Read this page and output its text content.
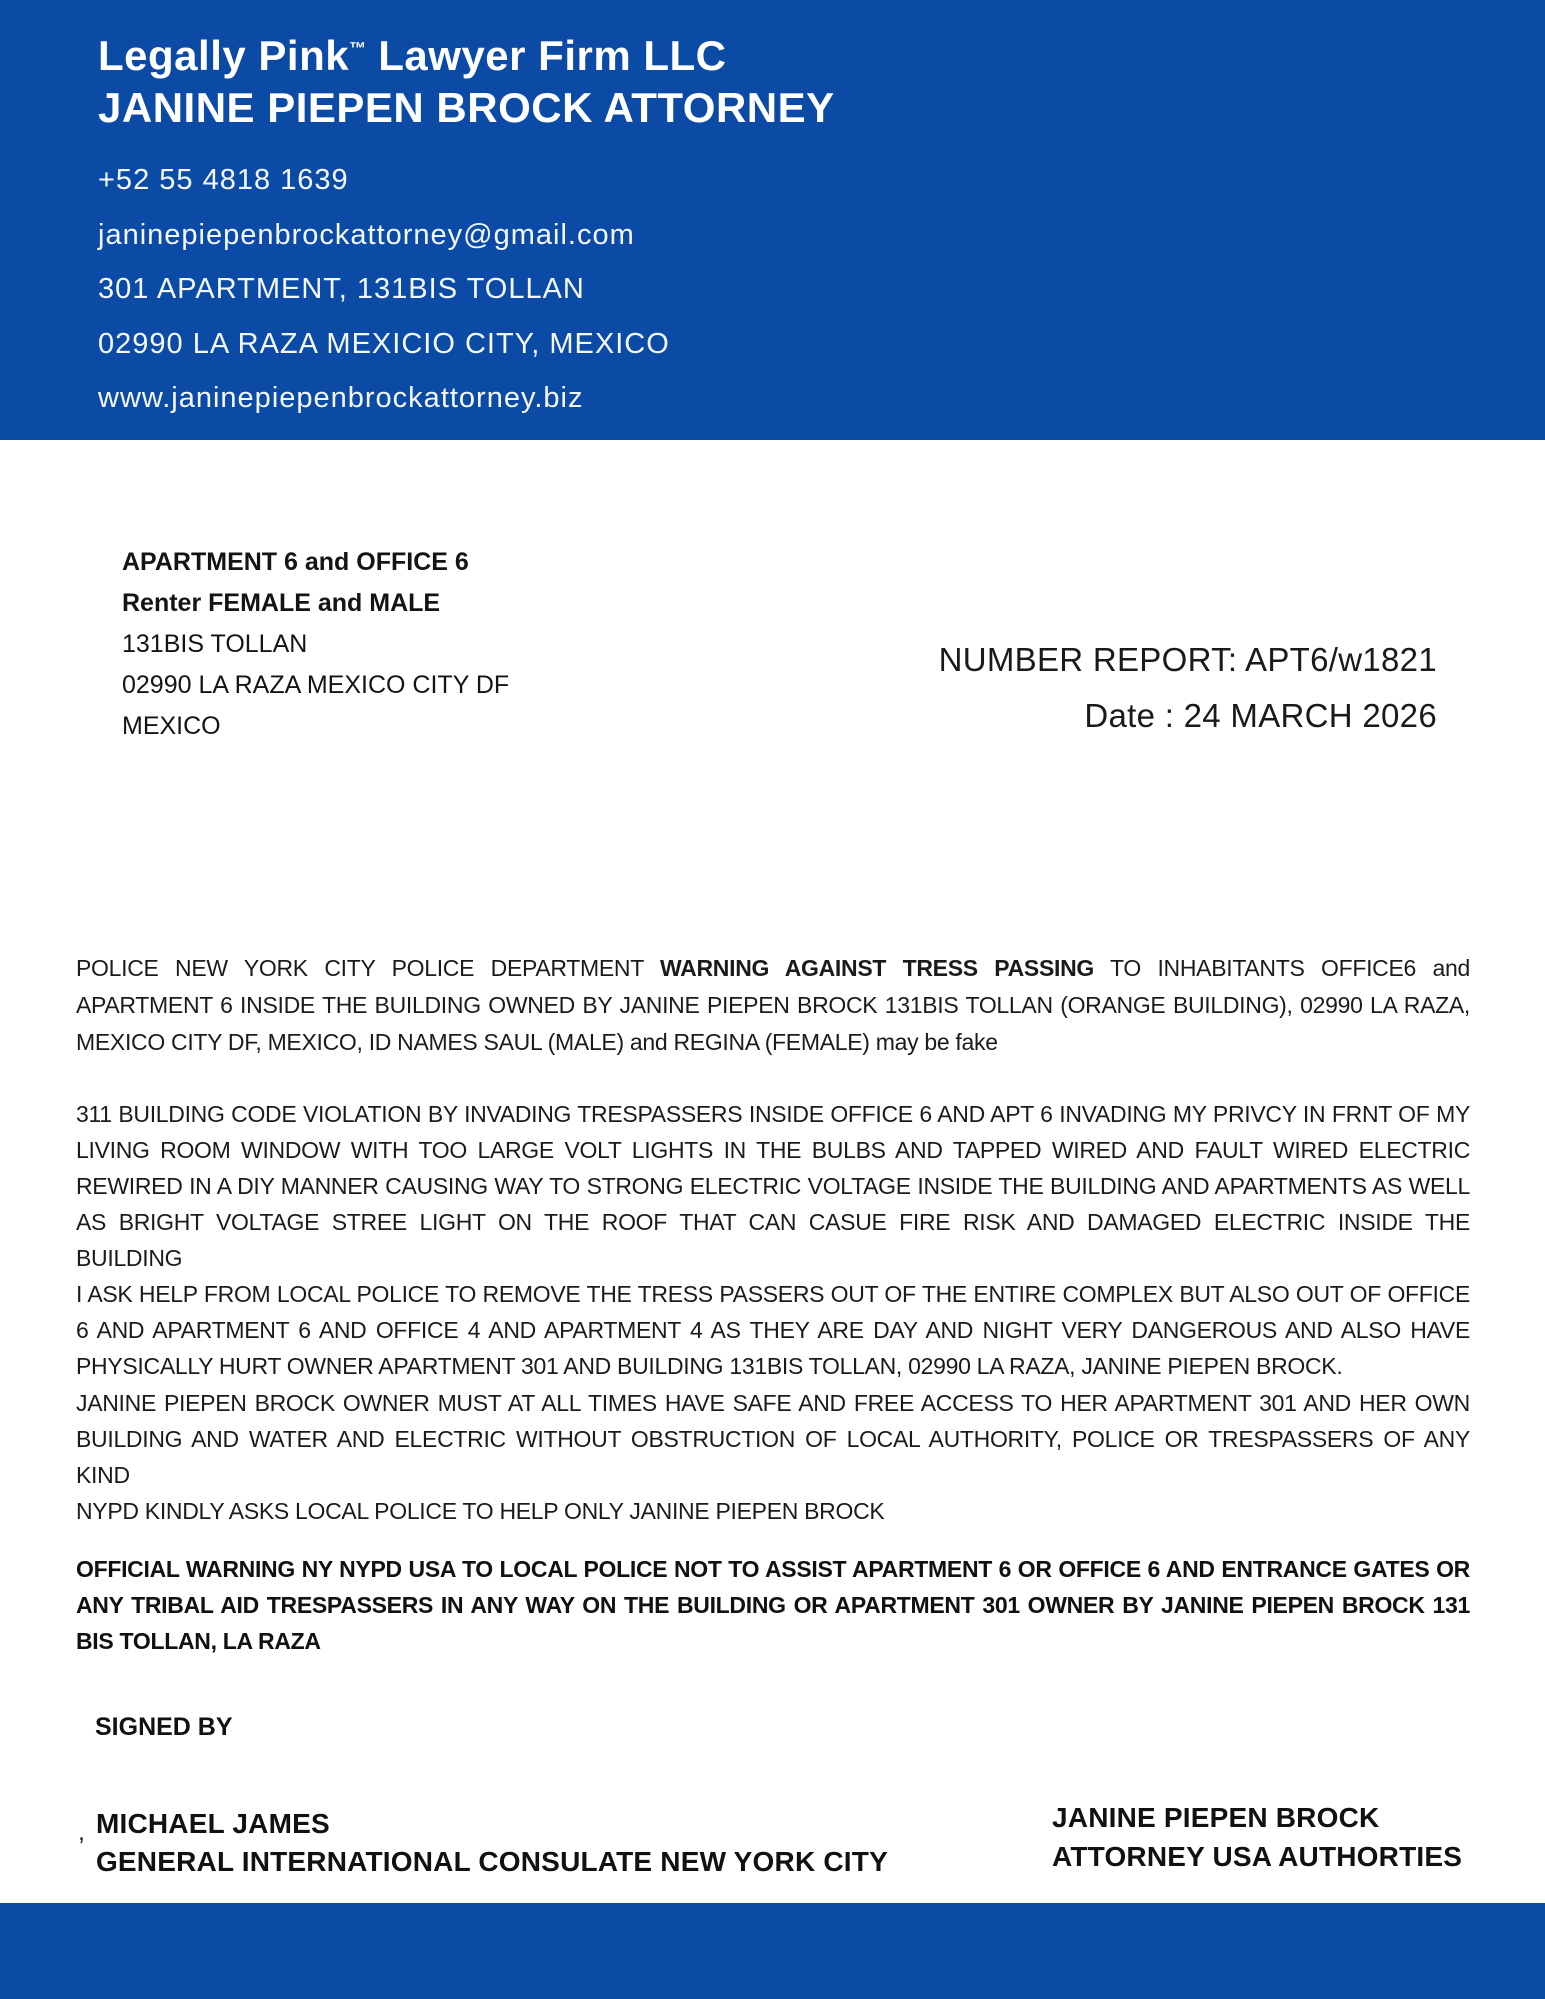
Legally Pink™ Lawyer Firm LLC
JANINE PIEPEN BROCK ATTORNEY
+52 55 4818 1639
janinepiepenbrockattorney@gmail.com
301 APARTMENT, 131BIS TOLLAN
02990 LA RAZA MEXICIO CITY, MEXICO
www.janinepiepenbrockattorney.biz
APARTMENT 6 and OFFICE 6
Renter FEMALE and MALE
131BIS TOLLAN
02990 LA RAZA MEXICO CITY DF
MEXICO
NUMBER REPORT: APT6/w1821
Date : 24 MARCH 2026
POLICE NEW YORK CITY POLICE DEPARTMENT WARNING AGAINST TRESS PASSING TO INHABITANTS OFFICE6 and APARTMENT 6 INSIDE THE BUILDING OWNED BY JANINE PIEPEN BROCK 131BIS TOLLAN (ORANGE BUILDING), 02990 LA RAZA, MEXICO CITY DF, MEXICO, ID NAMES SAUL (MALE) and REGINA (FEMALE) may be fake
311 BUILDING CODE VIOLATION BY INVADING TRESPASSERS INSIDE OFFICE 6 AND APT 6 INVADING MY PRIVCY IN FRNT OF MY LIVING ROOM WINDOW WITH TOO LARGE VOLT LIGHTS IN THE BULBS AND TAPPED WIRED AND FAULT WIRED ELECTRIC REWIRED IN A DIY MANNER CAUSING WAY TO STRONG ELECTRIC VOLTAGE INSIDE THE BUILDING AND APARTMENTS AS WELL AS BRIGHT VOLTAGE STREE LIGHT ON THE ROOF THAT CAN CASUE FIRE RISK AND DAMAGED ELECTRIC INSIDE THE BUILDING
I ASK HELP FROM LOCAL POLICE TO REMOVE THE TRESS PASSERS OUT OF THE ENTIRE COMPLEX BUT ALSO OUT OF OFFICE 6 AND APARTMENT 6 AND OFFICE 4 AND APARTMENT 4 AS THEY ARE DAY AND NIGHT VERY DANGEROUS AND ALSO HAVE PHYSICALLY HURT OWNER APARTMENT 301 AND BUILDING 131BIS TOLLAN, 02990 LA RAZA, JANINE PIEPEN BROCK.
JANINE PIEPEN BROCK OWNER MUST AT ALL TIMES HAVE SAFE AND FREE ACCESS TO HER APARTMENT 301 AND HER OWN BUILDING AND WATER AND ELECTRIC WITHOUT OBSTRUCTION OF LOCAL AUTHORITY, POLICE OR TRESPASSERS OF ANY KIND
NYPD KINDLY ASKS LOCAL POLICE TO HELP ONLY JANINE PIEPEN BROCK
OFFICIAL WARNING NY NYPD USA TO LOCAL POLICE NOT TO ASSIST APARTMENT 6 OR OFFICE 6 AND ENTRANCE GATES OR ANY TRIBAL AID TRESPASSERS IN ANY WAY ON THE BUILDING OR APARTMENT 301 OWNER BY JANINE PIEPEN BROCK 131 BIS TOLLAN, LA RAZA
SIGNED BY
, MICHAEL JAMES
GENERAL INTERNATIONAL CONSULATE NEW YORK CITY
JANINE PIEPEN BROCK
ATTORNEY USA AUTHORTIES
